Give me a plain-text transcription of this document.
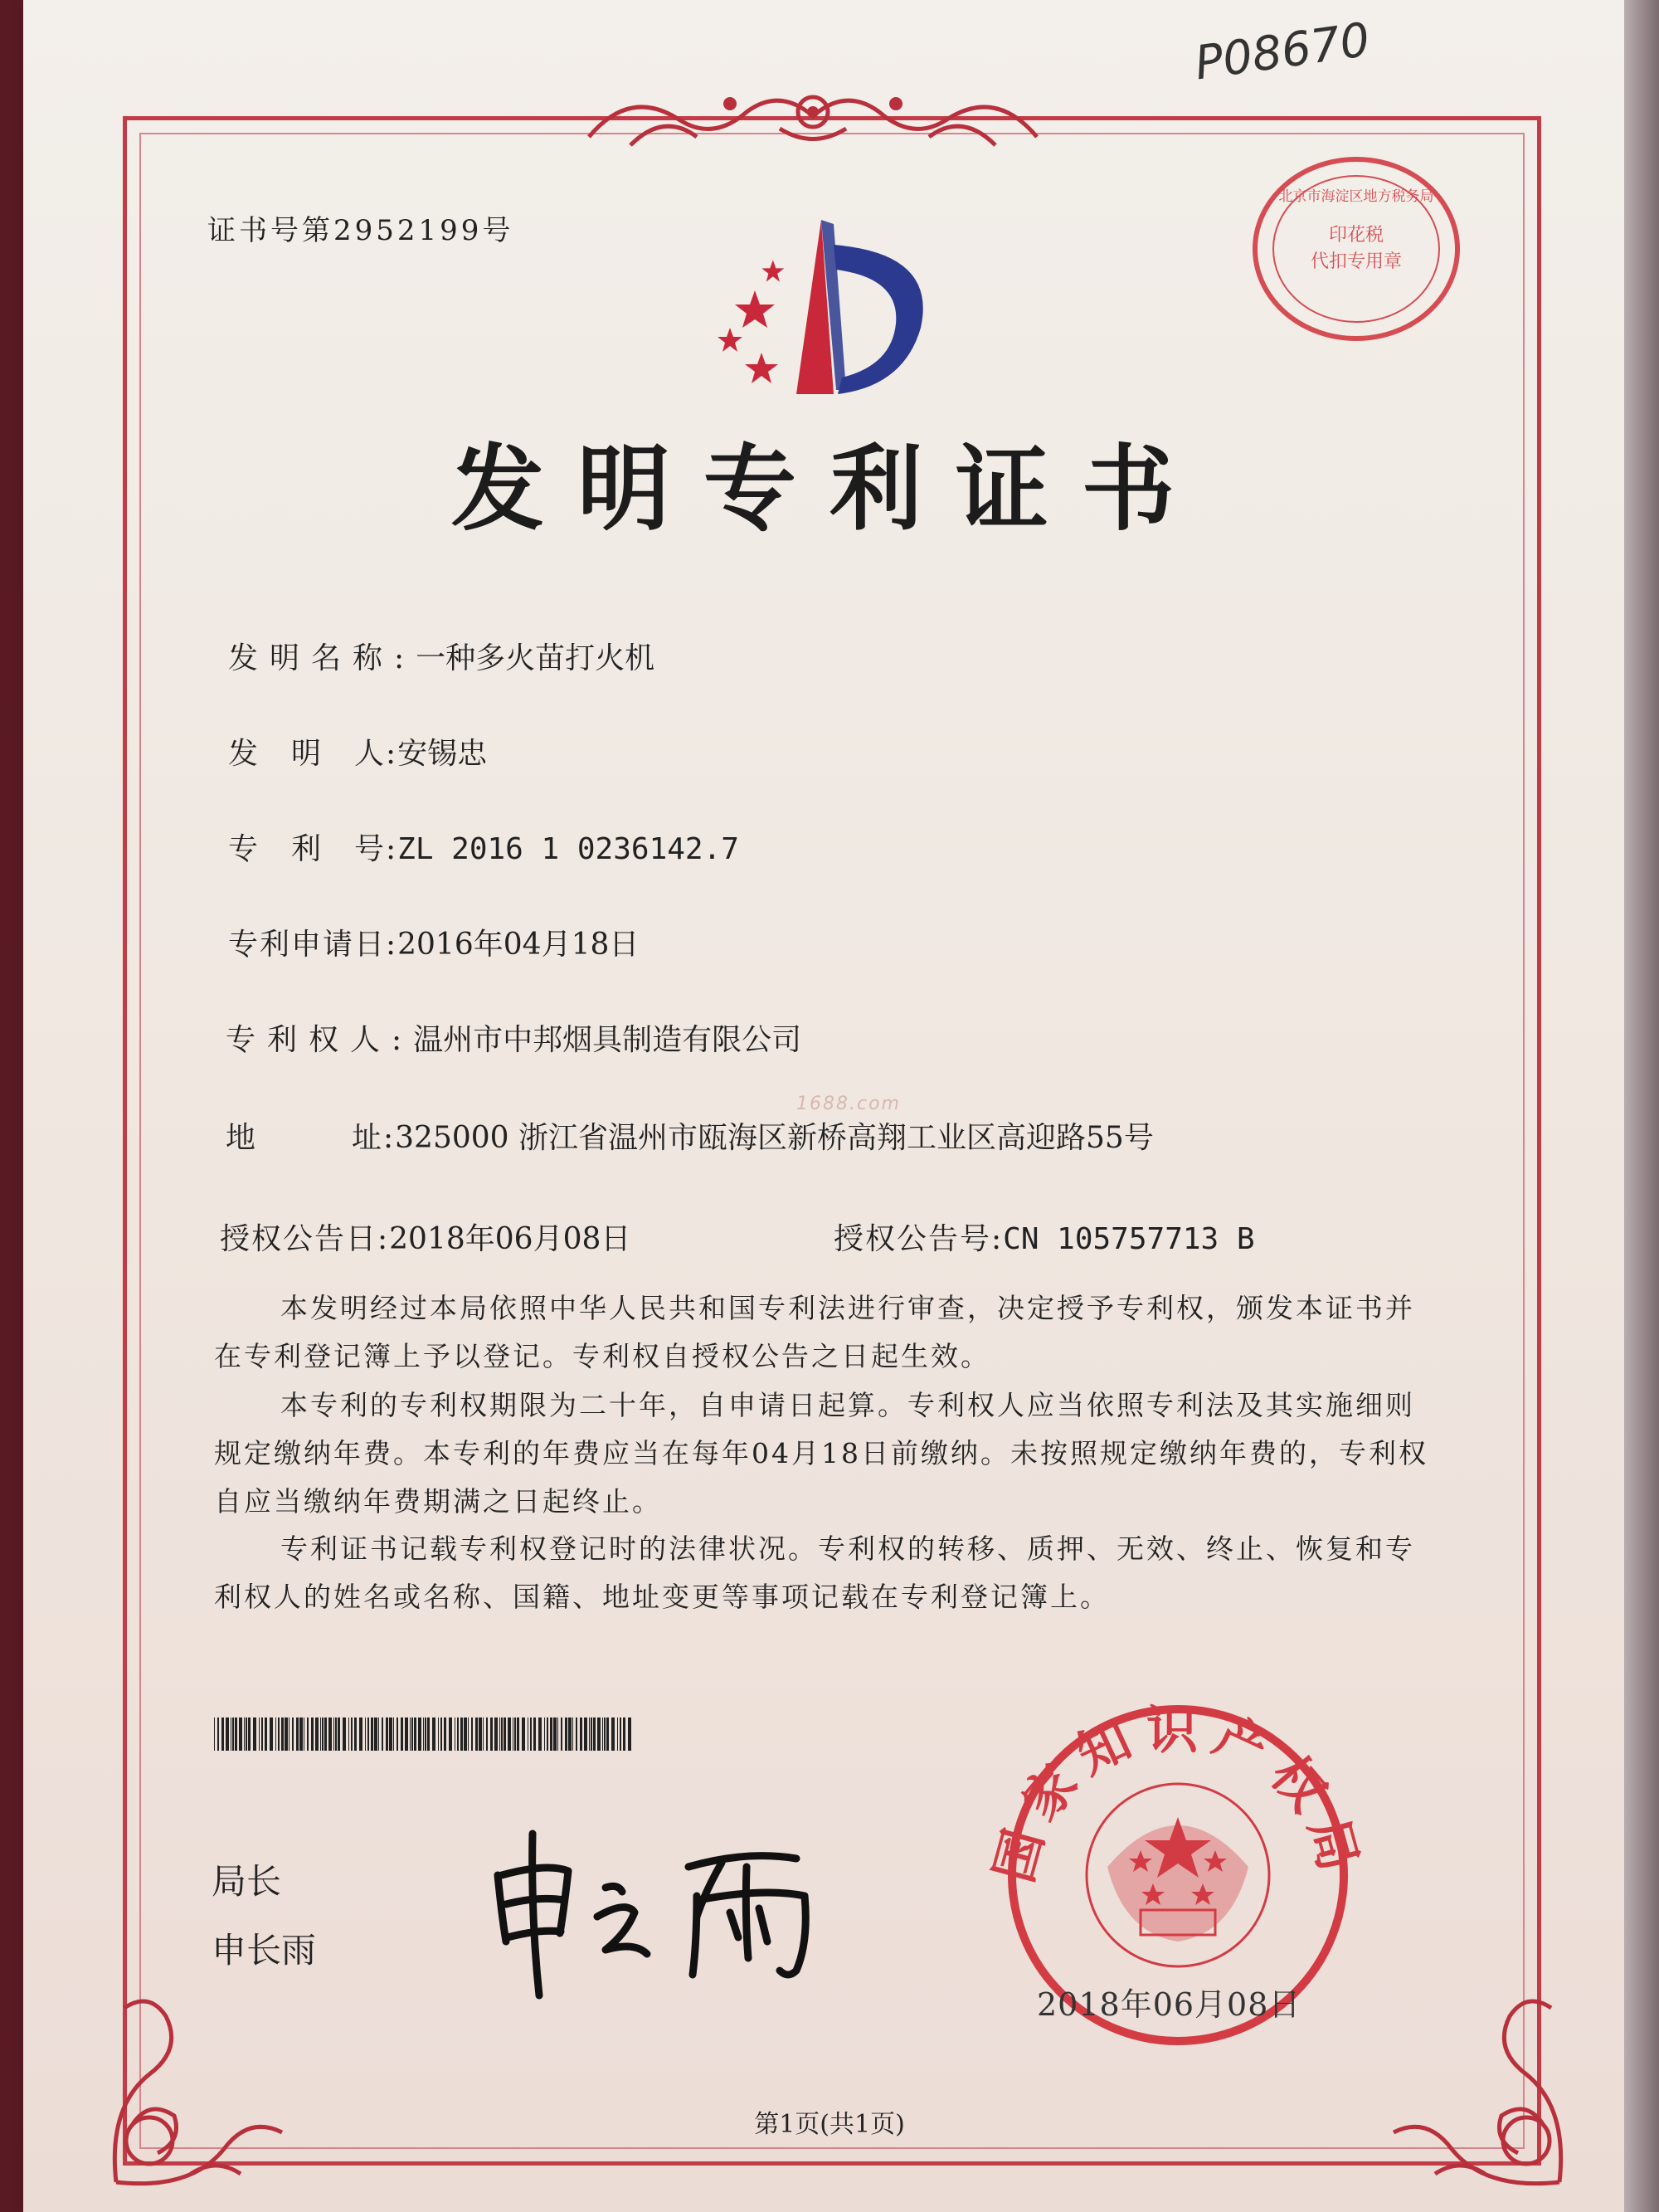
P08670
证书号第2952199号	印花税
代扣专用章
北京市海淀区地方税务局
发明专利证书
发明名称:一种多火苗打火机
发　明　人:安锡忠
专　利　号:ZL 2016 1 0236142.7
专利申请日:2016年04月18日
专利权人:温州市中邦烟具制造有限公司
1688.com
地　　　址:325000 浙江省温州市瓯海区新桥高翔工业区高迎路55号
授权公告日:2018年06月08日	授权公告号:CN 105757713 B
本发明经过本局依照中华人民共和国专利法进行审查，决定授予专利权，颁发本证书并在专利登记簿上予以登记。专利权自授权公告之日起生效。
本专利的专利权期限为二十年，自申请日起算。专利权人应当依照专利法及其实施细则规定缴纳年费。本专利的年费应当在每年04月18日前缴纳。未按照规定缴纳年费的，专利权自应当缴纳年费期满之日起终止。
专利证书记载专利权登记时的法律状况。专利权的转移、质押、无效、终止、恢复和专利权人的姓名或名称、国籍、地址变更等事项记载在专利登记簿上。
局长
申长雨
国家知识产权局
2018年06月08日
第1页(共1页)
